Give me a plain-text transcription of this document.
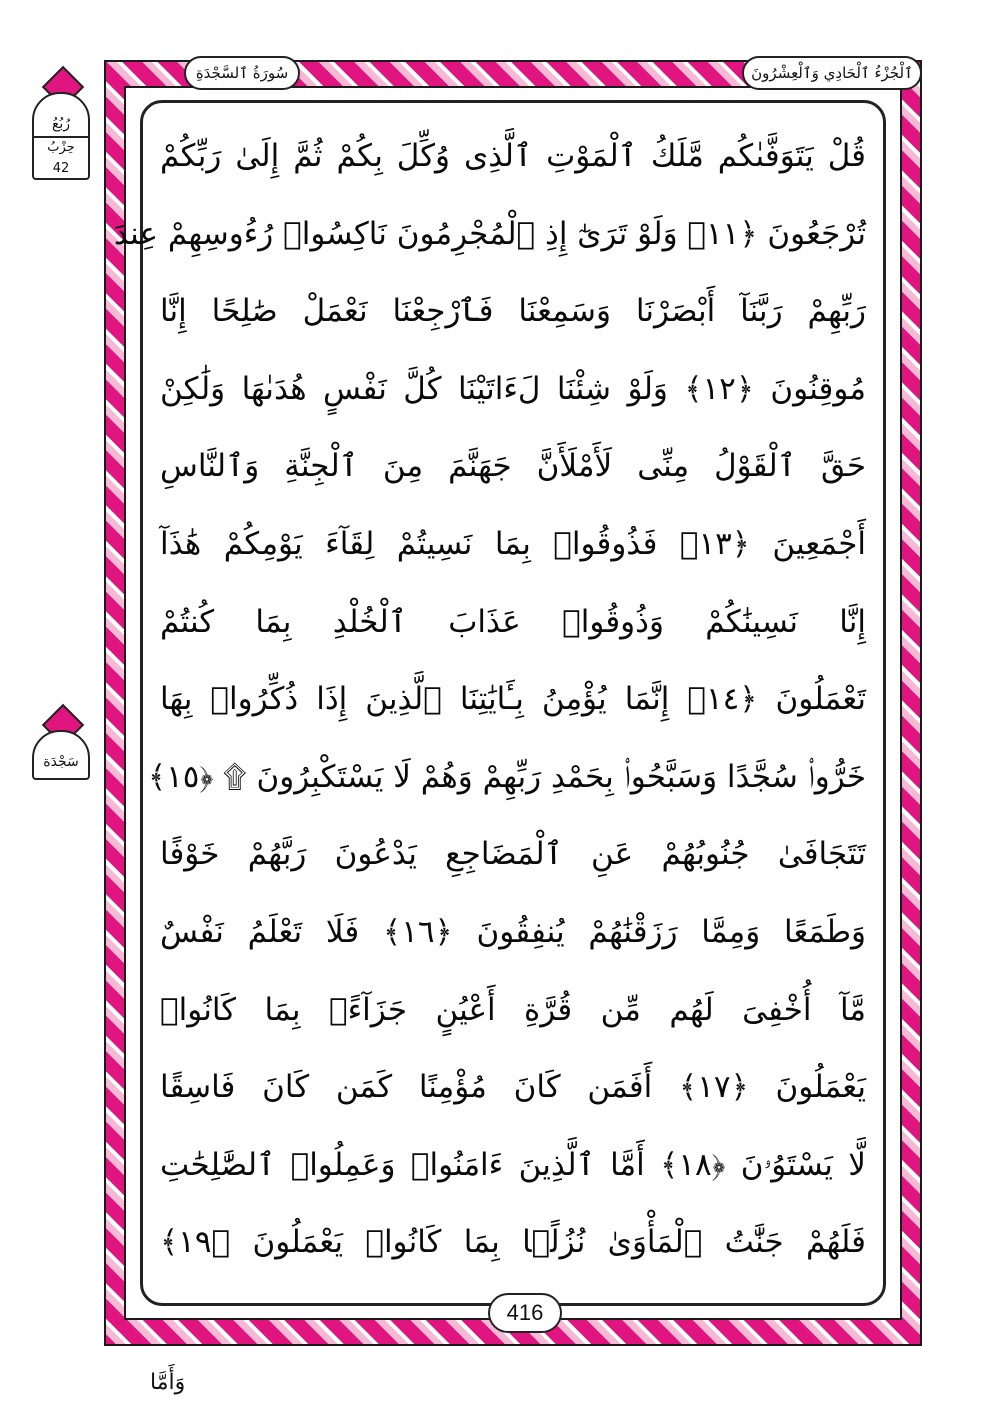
ٱلْجُزْءُ ٱلْحَادِي وَٱلْعِشْرُونَ
سُورَةُ ٱلسَّجْدَةِ
رُبُعُ
حِزْبُ
42
سَجْدَة
قُلْ يَتَوَفَّىٰكُم مَّلَكُ ٱلْمَوْتِ ٱلَّذِى وُكِّلَ بِكُمْ ثُمَّ إِلَىٰ رَبِّكُمْ
تُرْجَعُونَ ﴿١١﴾ وَلَوْ تَرَىٰٓ إِذِ ٱلْمُجْرِمُونَ نَاكِسُوا۟ رُءُوسِهِمْ عِندَ
رَبِّهِمْ رَبَّنَآ أَبْصَرْنَا وَسَمِعْنَا فَٱرْجِعْنَا نَعْمَلْ صَٰلِحًا إِنَّا
مُوقِنُونَ ﴿١٢﴾ وَلَوْ شِئْنَا لَءَاتَيْنَا كُلَّ نَفْسٍ هُدَىٰهَا وَلَٰكِنْ
حَقَّ ٱلْقَوْلُ مِنِّى لَأَمْلَأَنَّ جَهَنَّمَ مِنَ ٱلْجِنَّةِ وَٱلنَّاسِ
أَجْمَعِينَ ﴿١٣﴾ فَذُوقُوا۟ بِمَا نَسِيتُمْ لِقَآءَ يَوْمِكُمْ هَٰذَآ
إِنَّا نَسِينَٰكُمْ وَذُوقُوا۟ عَذَابَ ٱلْخُلْدِ بِمَا كُنتُمْ
تَعْمَلُونَ ﴿١٤﴾ إِنَّمَا يُؤْمِنُ بِـَٔايَٰتِنَا ٱلَّذِينَ إِذَا ذُكِّرُوا۟ بِهَا
خَرُّوا۟ سُجَّدًا وَسَبَّحُوا۟ بِحَمْدِ رَبِّهِمْ وَهُمْ لَا يَسْتَكْبِرُونَ ۩ ﴿١٥﴾
تَتَجَافَىٰ جُنُوبُهُمْ عَنِ ٱلْمَضَاجِعِ يَدْعُونَ رَبَّهُمْ خَوْفًا
وَطَمَعًا وَمِمَّا رَزَقْنَٰهُمْ يُنفِقُونَ ﴿١٦﴾ فَلَا تَعْلَمُ نَفْسٌ
مَّآ أُخْفِىَ لَهُم مِّن قُرَّةِ أَعْيُنٍ جَزَآءًۢ بِمَا كَانُوا۟
يَعْمَلُونَ ﴿١٧﴾ أَفَمَن كَانَ مُؤْمِنًا كَمَن كَانَ فَاسِقًا
لَّا يَسْتَوُۥنَ ﴿١٨﴾ أَمَّا ٱلَّذِينَ ءَامَنُوا۟ وَعَمِلُوا۟ ٱلصَّٰلِحَٰتِ
فَلَهُمْ جَنَّٰتُ ٱلْمَأْوَىٰ نُزُلًۢا بِمَا كَانُوا۟ يَعْمَلُونَ ﴿١٩﴾
416
وَأَمَّا
